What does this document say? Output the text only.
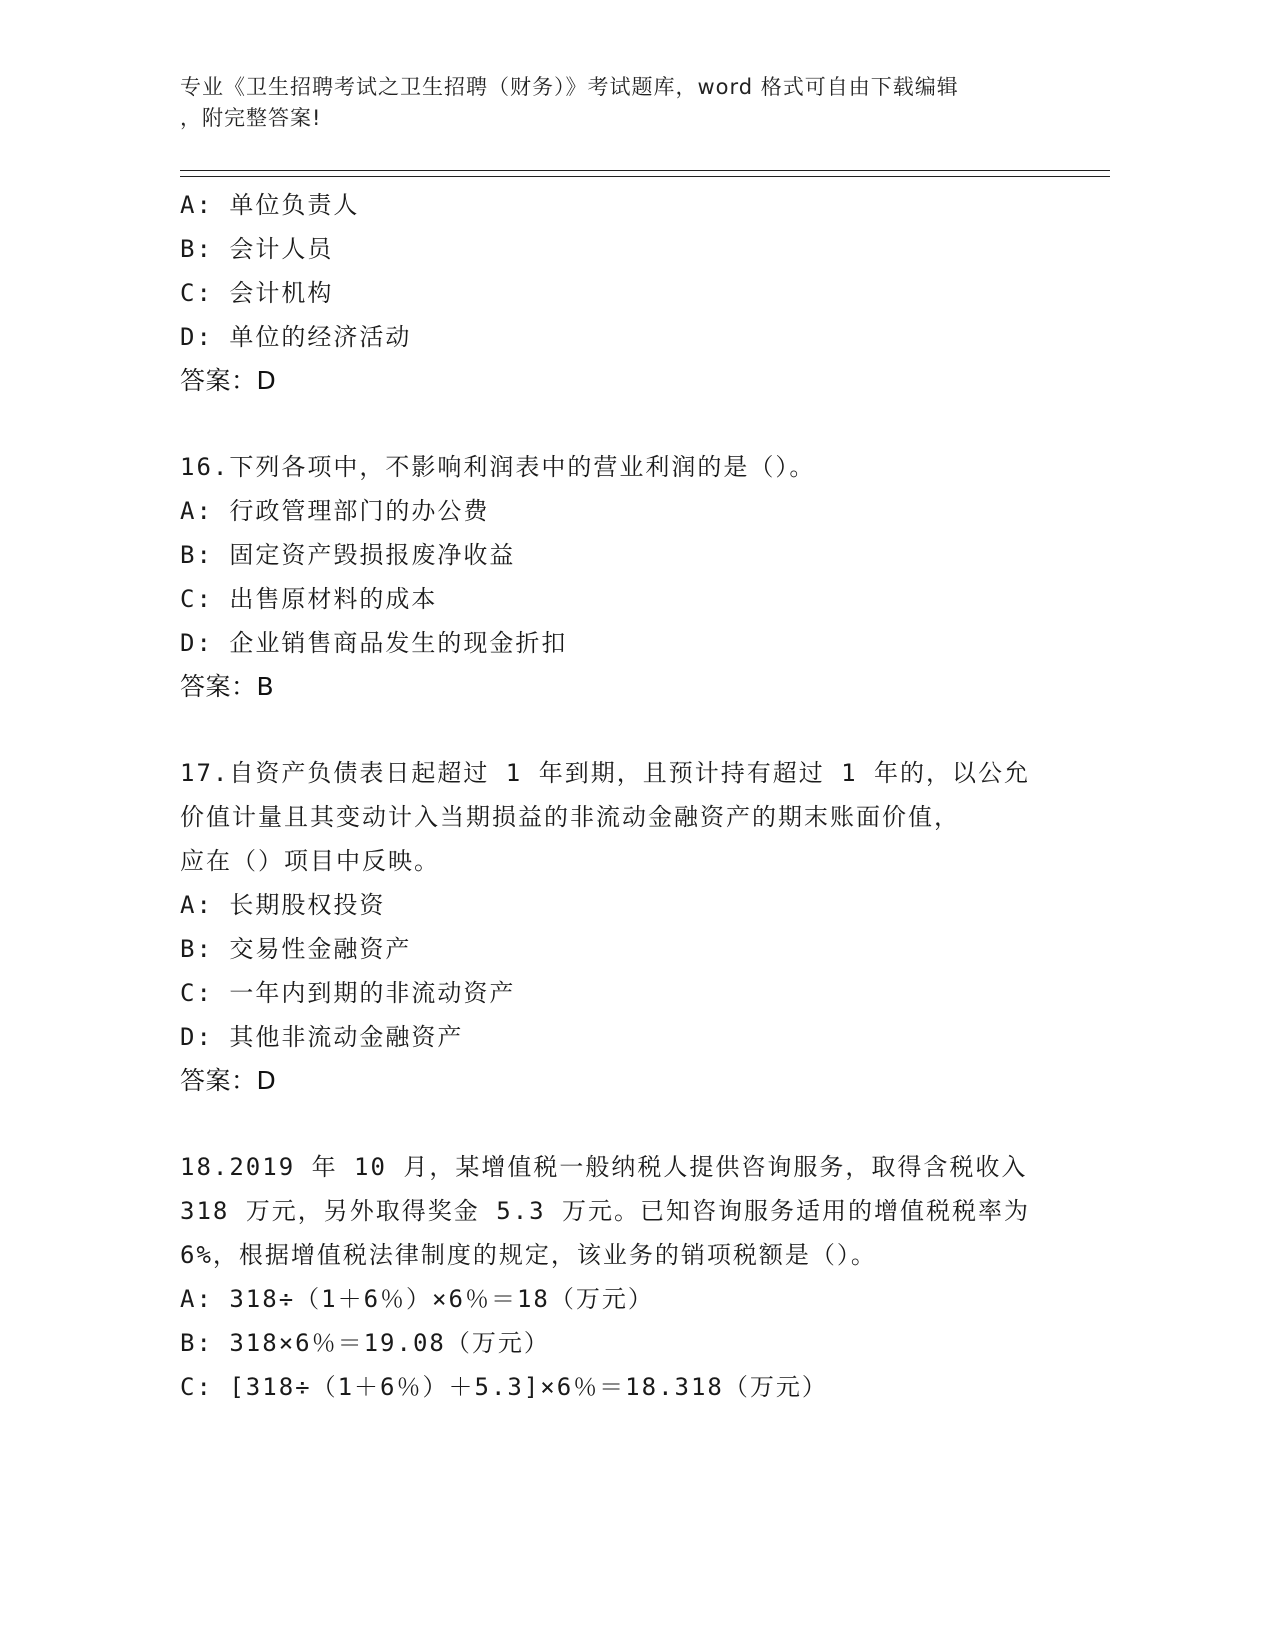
专业《卫生招聘考试之卫生招聘（财务）》考试题库，word 格式可自由下载编辑
，附完整答案!
A: 单位负责人
B: 会计人员
C: 会计机构
D: 单位的经济活动
答案：D
16.下列各项中，不影响利润表中的营业利润的是（）。
A: 行政管理部门的办公费
B: 固定资产毁损报废净收益
C: 出售原材料的成本
D: 企业销售商品发生的现金折扣
答案：B
17.自资产负债表日起超过 1 年到期，且预计持有超过 1 年的，以公允
价值计量且其变动计入当期损益的非流动金融资产的期末账面价值，
应在（）项目中反映。
A: 长期股权投资
B: 交易性金融资产
C: 一年内到期的非流动资产
D: 其他非流动金融资产
答案：D
18.2019 年 10 月，某增值税一般纳税人提供咨询服务，取得含税收入
318 万元，另外取得奖金 5.3 万元。已知咨询服务适用的增值税税率为
6%，根据增值税法律制度的规定，该业务的销项税额是（）。
A: 318÷（1＋6％）×6％＝18（万元）
B: 318×6％＝19.08（万元）
C: [318÷（1＋6％）＋5.3]×6％＝18.318（万元）
